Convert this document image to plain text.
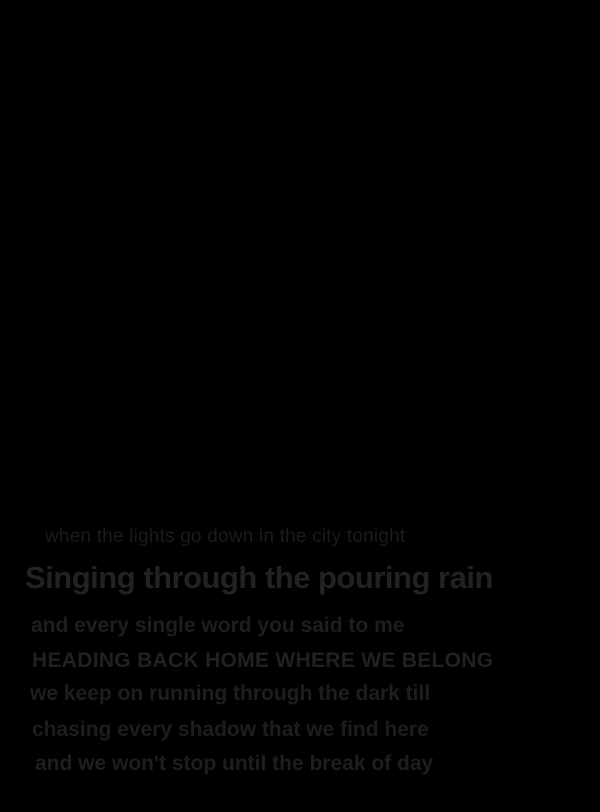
when the lights go down in the city tonight
Singing through the pouring rain
and every single word you said to me
HEADING BACK HOME WHERE WE BELONG
we keep on running through the dark till
chasing every shadow that we find here
and we won't stop until the break of day
